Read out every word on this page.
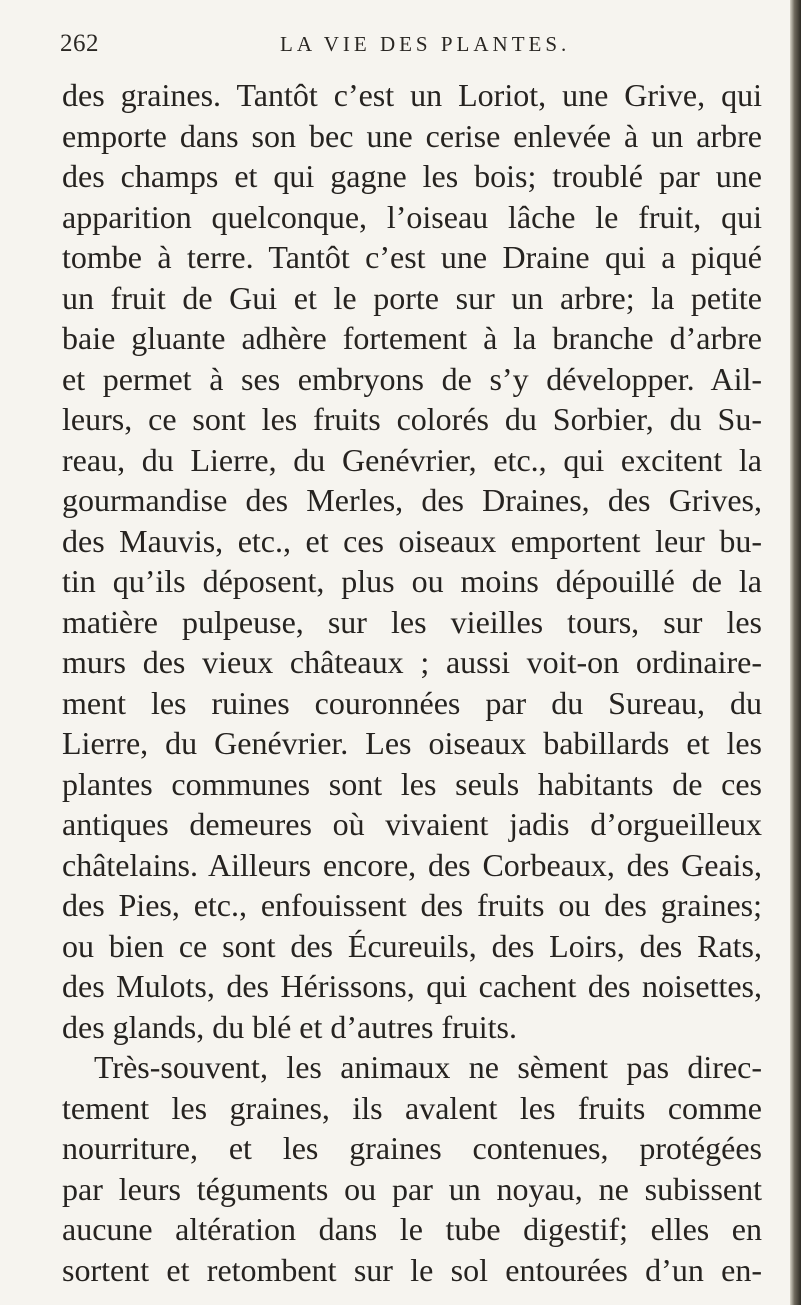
262	LA VIE DES PLANTES.
des graines. Tantôt c’est un Loriot, une Grive, qui
emporte dans son bec une cerise enlevée à un arbre
des champs et qui gagne les bois; troublé par une
apparition quelconque, l’oiseau lâche le fruit, qui
tombe à terre. Tantôt c’est une Draine qui a piqué
un fruit de Gui et le porte sur un arbre; la petite
baie gluante adhère fortement à la branche d’arbre
et permet à ses embryons de s’y développer. Ail-
leurs, ce sont les fruits colorés du Sorbier, du Su-
reau, du Lierre, du Genévrier, etc., qui excitent la
gourmandise des Merles, des Draines, des Grives,
des Mauvis, etc., et ces oiseaux emportent leur bu-
tin qu’ils déposent, plus ou moins dépouillé de la
matière pulpeuse, sur les vieilles tours, sur les
murs des vieux châteaux ; aussi voit-on ordinaire-
ment les ruines couronnées par du Sureau, du
Lierre, du Genévrier. Les oiseaux babillards et les
plantes communes sont les seuls habitants de ces
antiques demeures où vivaient jadis d’orgueilleux
châtelains. Ailleurs encore, des Corbeaux, des Geais,
des Pies, etc., enfouissent des fruits ou des graines;
ou bien ce sont des Écureuils, des Loirs, des Rats,
des Mulots, des Hérissons, qui cachent des noisettes,
des glands, du blé et d’autres fruits.
Très-souvent, les animaux ne sèment pas direc-
tement les graines, ils avalent les fruits comme
nourriture, et les graines contenues, protégées
par leurs téguments ou par un noyau, ne subissent
aucune altération dans le tube digestif; elles en
sortent et retombent sur le sol entourées d’un en-
